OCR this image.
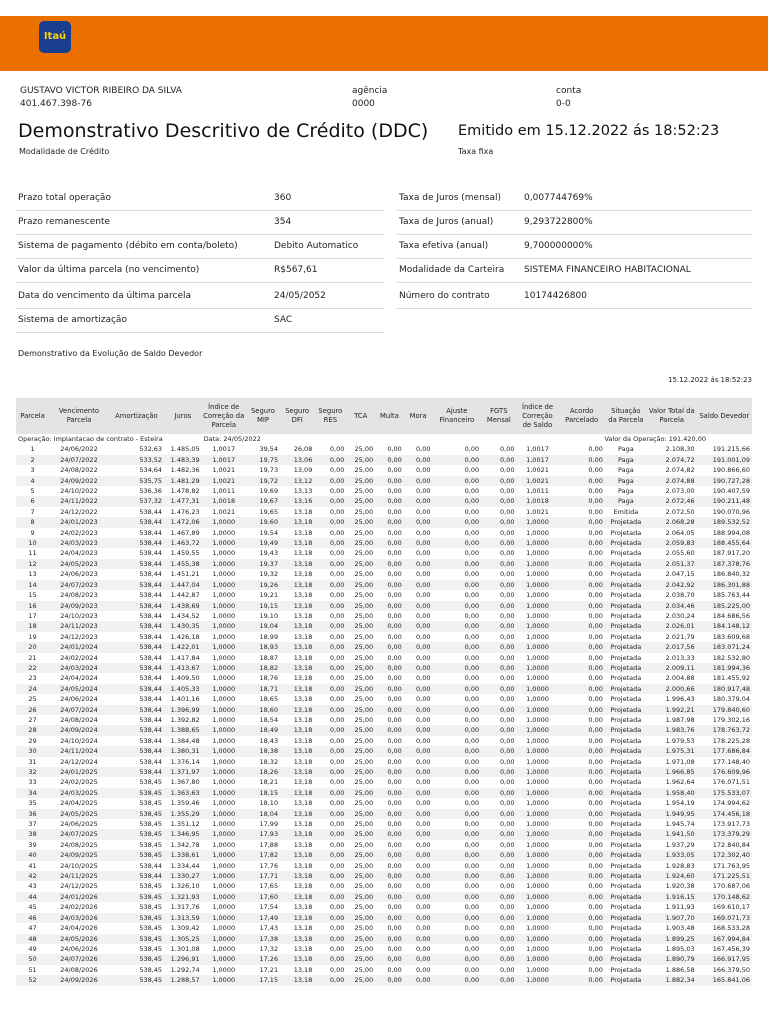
Itaú
GUSTAVO VICTOR RIBEIRO DA SILVA
401.467.398-76
agência
0000
conta
0-0
Demonstrativo Descritivo de Crédito (DDC) Emitido em 15.12.2022 ás 18:52:23
Modalidade de Crédito	Taxa fixa
Prazo total operação	360
Prazo remanescente	354
Sistema de pagamento (débito em conta/boleto)	Debito Automatico
Valor da última parcela (no vencimento)	R$567,61
Data do vencimento da última parcela	24/05/2052
Sistema de amortização	SAC
Taxa de Juros (mensal)	0,007744769%
Taxa de Juros (anual)	9,293722800%
Taxa efetiva (anual)	9,700000000%
Modalidade da Carteira SISTEMA FINANCEIRO HABITACIONAL
Número do contrato	10174426800
Demonstrativo da Evolução de Saldo Devedor
15.12.2022 ás 18:52:23
Parcela	Vencimento Parcela	Amortização	Juros	Índice de Correção da Parcela	Seguro MIP	Seguro DFI	Seguro RES	TCA	Multa	Mora	Ajuste Financeiro	FGTS Mensal	Índice de Correção de Saldo	Acordo Parcelado	Situação da Parcela	Valor Total da Parcela	Saldo Devedor
Operação: Implantacao de contrato - Esteira				Data: 24/05/2022										Valor da Operação: 191.420,00			
1	24/06/2022	532,63	1.485,05	1,0017	39,54	26,08	0,00	25,00	0,00	0,00	0,00	0,00	1,0017	0,00	Paga	2.108,30	191.215,66
2	24/07/2022	533,52	1.483,39	1,0017	19,75	13,06	0,00	25,00	0,00	0,00	0,00	0,00	1,0017	0,00	Paga	2.074,72	191.001,09
3	24/08/2022	534,64	1.482,36	1,0021	19,73	13,09	0,00	25,00	0,00	0,00	0,00	0,00	1,0021	0,00	Paga	2.074,82	190.866,60
4	24/09/2022	535,75	1.481,29	1,0021	19,72	13,12	0,00	25,00	0,00	0,00	0,00	0,00	1,0021	0,00	Paga	2.074,88	190.727,28
5	24/10/2022	536,36	1.478,82	1,0011	19,69	13,13	0,00	25,00	0,00	0,00	0,00	0,00	1,0011	0,00	Paga	2.073,00	190.407,59
6	24/11/2022	537,32	1.477,31	1,0018	19,67	13,16	0,00	25,00	0,00	0,00	0,00	0,00	1,0018	0,00	Paga	2.072,46	190.211,48
7	24/12/2022	538,44	1.476,23	1,0021	19,65	13,18	0,00	25,00	0,00	0,00	0,00	0,00	1,0021	0,00	Emitida	2.072,50	190.070,96
8	24/01/2023	538,44	1.472,06	1,0000	19,60	13,18	0,00	25,00	0,00	0,00	0,00	0,00	1,0000	0,00	Projetada	2.068,28	189.532,52
9	24/02/2023	538,44	1.467,89	1,0000	19,54	13,18	0,00	25,00	0,00	0,00	0,00	0,00	1,0000	0,00	Projetada	2.064,05	188.994,08
10	24/03/2023	538,44	1.463,72	1,0000	19,49	13,18	0,00	25,00	0,00	0,00	0,00	0,00	1,0000	0,00	Projetada	2.059,83	188.455,64
11	24/04/2023	538,44	1.459,55	1,0000	19,43	13,18	0,00	25,00	0,00	0,00	0,00	0,00	1,0000	0,00	Projetada	2.055,60	187.917,20
12	24/05/2023	538,44	1.455,38	1,0000	19,37	13,18	0,00	25,00	0,00	0,00	0,00	0,00	1,0000	0,00	Projetada	2.051,37	187.378,76
13	24/06/2023	538,44	1.451,21	1,0000	19,32	13,18	0,00	25,00	0,00	0,00	0,00	0,00	1,0000	0,00	Projetada	2.047,15	186.840,32
14	24/07/2023	538,44	1.447,04	1,0000	19,26	13,18	0,00	25,00	0,00	0,00	0,00	0,00	1,0000	0,00	Projetada	2.042,92	186.301,88
15	24/08/2023	538,44	1.442,87	1,0000	19,21	13,18	0,00	25,00	0,00	0,00	0,00	0,00	1,0000	0,00	Projetada	2.038,70	185.763,44
16	24/09/2023	538,44	1.438,69	1,0000	19,15	13,18	0,00	25,00	0,00	0,00	0,00	0,00	1,0000	0,00	Projetada	2.034,46	185.225,00
17	24/10/2023	538,44	1.434,52	1,0000	19,10	13,18	0,00	25,00	0,00	0,00	0,00	0,00	1,0000	0,00	Projetada	2.030,24	184.686,56
18	24/11/2023	538,44	1.430,35	1,0000	19,04	13,18	0,00	25,00	0,00	0,00	0,00	0,00	1,0000	0,00	Projetada	2.026,01	184.148,12
19	24/12/2023	538,44	1.426,18	1,0000	18,99	13,18	0,00	25,00	0,00	0,00	0,00	0,00	1,0000	0,00	Projetada	2.021,79	183.609,68
20	24/01/2024	538,44	1.422,01	1,0000	18,93	13,18	0,00	25,00	0,00	0,00	0,00	0,00	1,0000	0,00	Projetada	2.017,56	183.071,24
21	24/02/2024	538,44	1.417,84	1,0000	18,87	13,18	0,00	25,00	0,00	0,00	0,00	0,00	1,0000	0,00	Projetada	2.013,33	182.532,80
22	24/03/2024	538,44	1.413,67	1,0000	18,82	13,18	0,00	25,00	0,00	0,00	0,00	0,00	1,0000	0,00	Projetada	2.009,11	181.994,36
23	24/04/2024	538,44	1.409,50	1,0000	18,76	13,18	0,00	25,00	0,00	0,00	0,00	0,00	1,0000	0,00	Projetada	2.004,88	181.455,92
24	24/05/2024	538,44	1.405,33	1,0000	18,71	13,18	0,00	25,00	0,00	0,00	0,00	0,00	1,0000	0,00	Projetada	2.000,66	180.917,48
25	24/06/2024	538,44	1.401,16	1,0000	18,65	13,18	0,00	25,00	0,00	0,00	0,00	0,00	1,0000	0,00	Projetada	1.996,43	180.379,04
26	24/07/2024	538,44	1.396,99	1,0000	18,60	13,18	0,00	25,00	0,00	0,00	0,00	0,00	1,0000	0,00	Projetada	1.992,21	179.840,60
27	24/08/2024	538,44	1.392,82	1,0000	18,54	13,18	0,00	25,00	0,00	0,00	0,00	0,00	1,0000	0,00	Projetada	1.987,98	179.302,16
28	24/09/2024	538,44	1.388,65	1,0000	18,49	13,18	0,00	25,00	0,00	0,00	0,00	0,00	1,0000	0,00	Projetada	1.983,76	178.763,72
29	24/10/2024	538,44	1.384,48	1,0000	18,43	13,18	0,00	25,00	0,00	0,00	0,00	0,00	1,0000	0,00	Projetada	1.979,53	178.225,28
30	24/11/2024	538,44	1.380,31	1,0000	18,38	13,18	0,00	25,00	0,00	0,00	0,00	0,00	1,0000	0,00	Projetada	1.975,31	177.686,84
31	24/12/2024	538,44	1.376,14	1,0000	18,32	13,18	0,00	25,00	0,00	0,00	0,00	0,00	1,0000	0,00	Projetada	1.971,08	177.148,40
32	24/01/2025	538,44	1.371,97	1,0000	18,26	13,18	0,00	25,00	0,00	0,00	0,00	0,00	1,0000	0,00	Projetada	1.966,85	176.609,96
33	24/02/2025	538,45	1.367,80	1,0000	18,21	13,18	0,00	25,00	0,00	0,00	0,00	0,00	1,0000	0,00	Projetada	1.962,64	176.071,51
34	24/03/2025	538,45	1.363,63	1,0000	18,15	13,18	0,00	25,00	0,00	0,00	0,00	0,00	1,0000	0,00	Projetada	1.958,40	175.533,07
35	24/04/2025	538,45	1.359,46	1,0000	18,10	13,18	0,00	25,00	0,00	0,00	0,00	0,00	1,0000	0,00	Projetada	1.954,19	174.994,62
36	24/05/2025	538,45	1.355,29	1,0000	18,04	13,18	0,00	25,00	0,00	0,00	0,00	0,00	1,0000	0,00	Projetada	1.949,95	174.456,18
37	24/06/2025	538,45	1.351,12	1,0000	17,99	13,18	0,00	25,00	0,00	0,00	0,00	0,00	1,0000	0,00	Projetada	1.945,74	173.917,73
38	24/07/2025	538,45	1.346,95	1,0000	17,93	13,18	0,00	25,00	0,00	0,00	0,00	0,00	1,0000	0,00	Projetada	1.941,50	173.379,29
39	24/08/2025	538,45	1.342,78	1,0000	17,88	13,18	0,00	25,00	0,00	0,00	0,00	0,00	1,0000	0,00	Projetada	1.937,29	172.840,84
40	24/09/2025	538,45	1.338,61	1,0000	17,82	13,18	0,00	25,00	0,00	0,00	0,00	0,00	1,0000	0,00	Projetada	1.933,05	172.302,40
41	24/10/2025	538,44	1.334,44	1,0000	17,76	13,18	0,00	25,00	0,00	0,00	0,00	0,00	1,0000	0,00	Projetada	1.928,83	171.763,95
42	24/11/2025	538,44	1.330,27	1,0000	17,71	13,18	0,00	25,00	0,00	0,00	0,00	0,00	1,0000	0,00	Projetada	1.924,60	171.225,51
43	24/12/2025	538,45	1.326,10	1,0000	17,65	13,18	0,00	25,00	0,00	0,00	0,00	0,00	1,0000	0,00	Projetada	1.920,38	170.687,06
44	24/01/2026	538,45	1.321,93	1,0000	17,60	13,18	0,00	25,00	0,00	0,00	0,00	0,00	1,0000	0,00	Projetada	1.916,15	170.148,62
45	24/02/2026	538,45	1.317,76	1,0000	17,54	13,18	0,00	25,00	0,00	0,00	0,00	0,00	1,0000	0,00	Projetada	1.911,93	169.610,17
46	24/03/2026	538,45	1.313,59	1,0000	17,49	13,18	0,00	25,00	0,00	0,00	0,00	0,00	1,0000	0,00	Projetada	1.907,70	169.071,73
47	24/04/2026	538,45	1.309,42	1,0000	17,43	13,18	0,00	25,00	0,00	0,00	0,00	0,00	1,0000	0,00	Projetada	1.903,48	168.533,28
48	24/05/2026	538,45	1.305,25	1,0000	17,38	13,18	0,00	25,00	0,00	0,00	0,00	0,00	1,0000	0,00	Projetada	1.899,25	167.994,84
49	24/06/2026	538,45	1.301,08	1,0000	17,32	13,18	0,00	25,00	0,00	0,00	0,00	0,00	1,0000	0,00	Projetada	1.895,03	167.456,39
50	24/07/2026	538,45	1.296,91	1,0000	17,26	13,18	0,00	25,00	0,00	0,00	0,00	0,00	1,0000	0,00	Projetada	1.890,79	166.917,95
51	24/08/2026	538,45	1.292,74	1,0000	17,21	13,18	0,00	25,00	0,00	0,00	0,00	0,00	1,0000	0,00	Projetada	1.886,58	166.379,50
52	24/09/2026	538,45	1.288,57	1,0000	17,15	13,18	0,00	25,00	0,00	0,00	0,00	0,00	1,0000	0,00	Projetada	1.882,34	165.841,06
